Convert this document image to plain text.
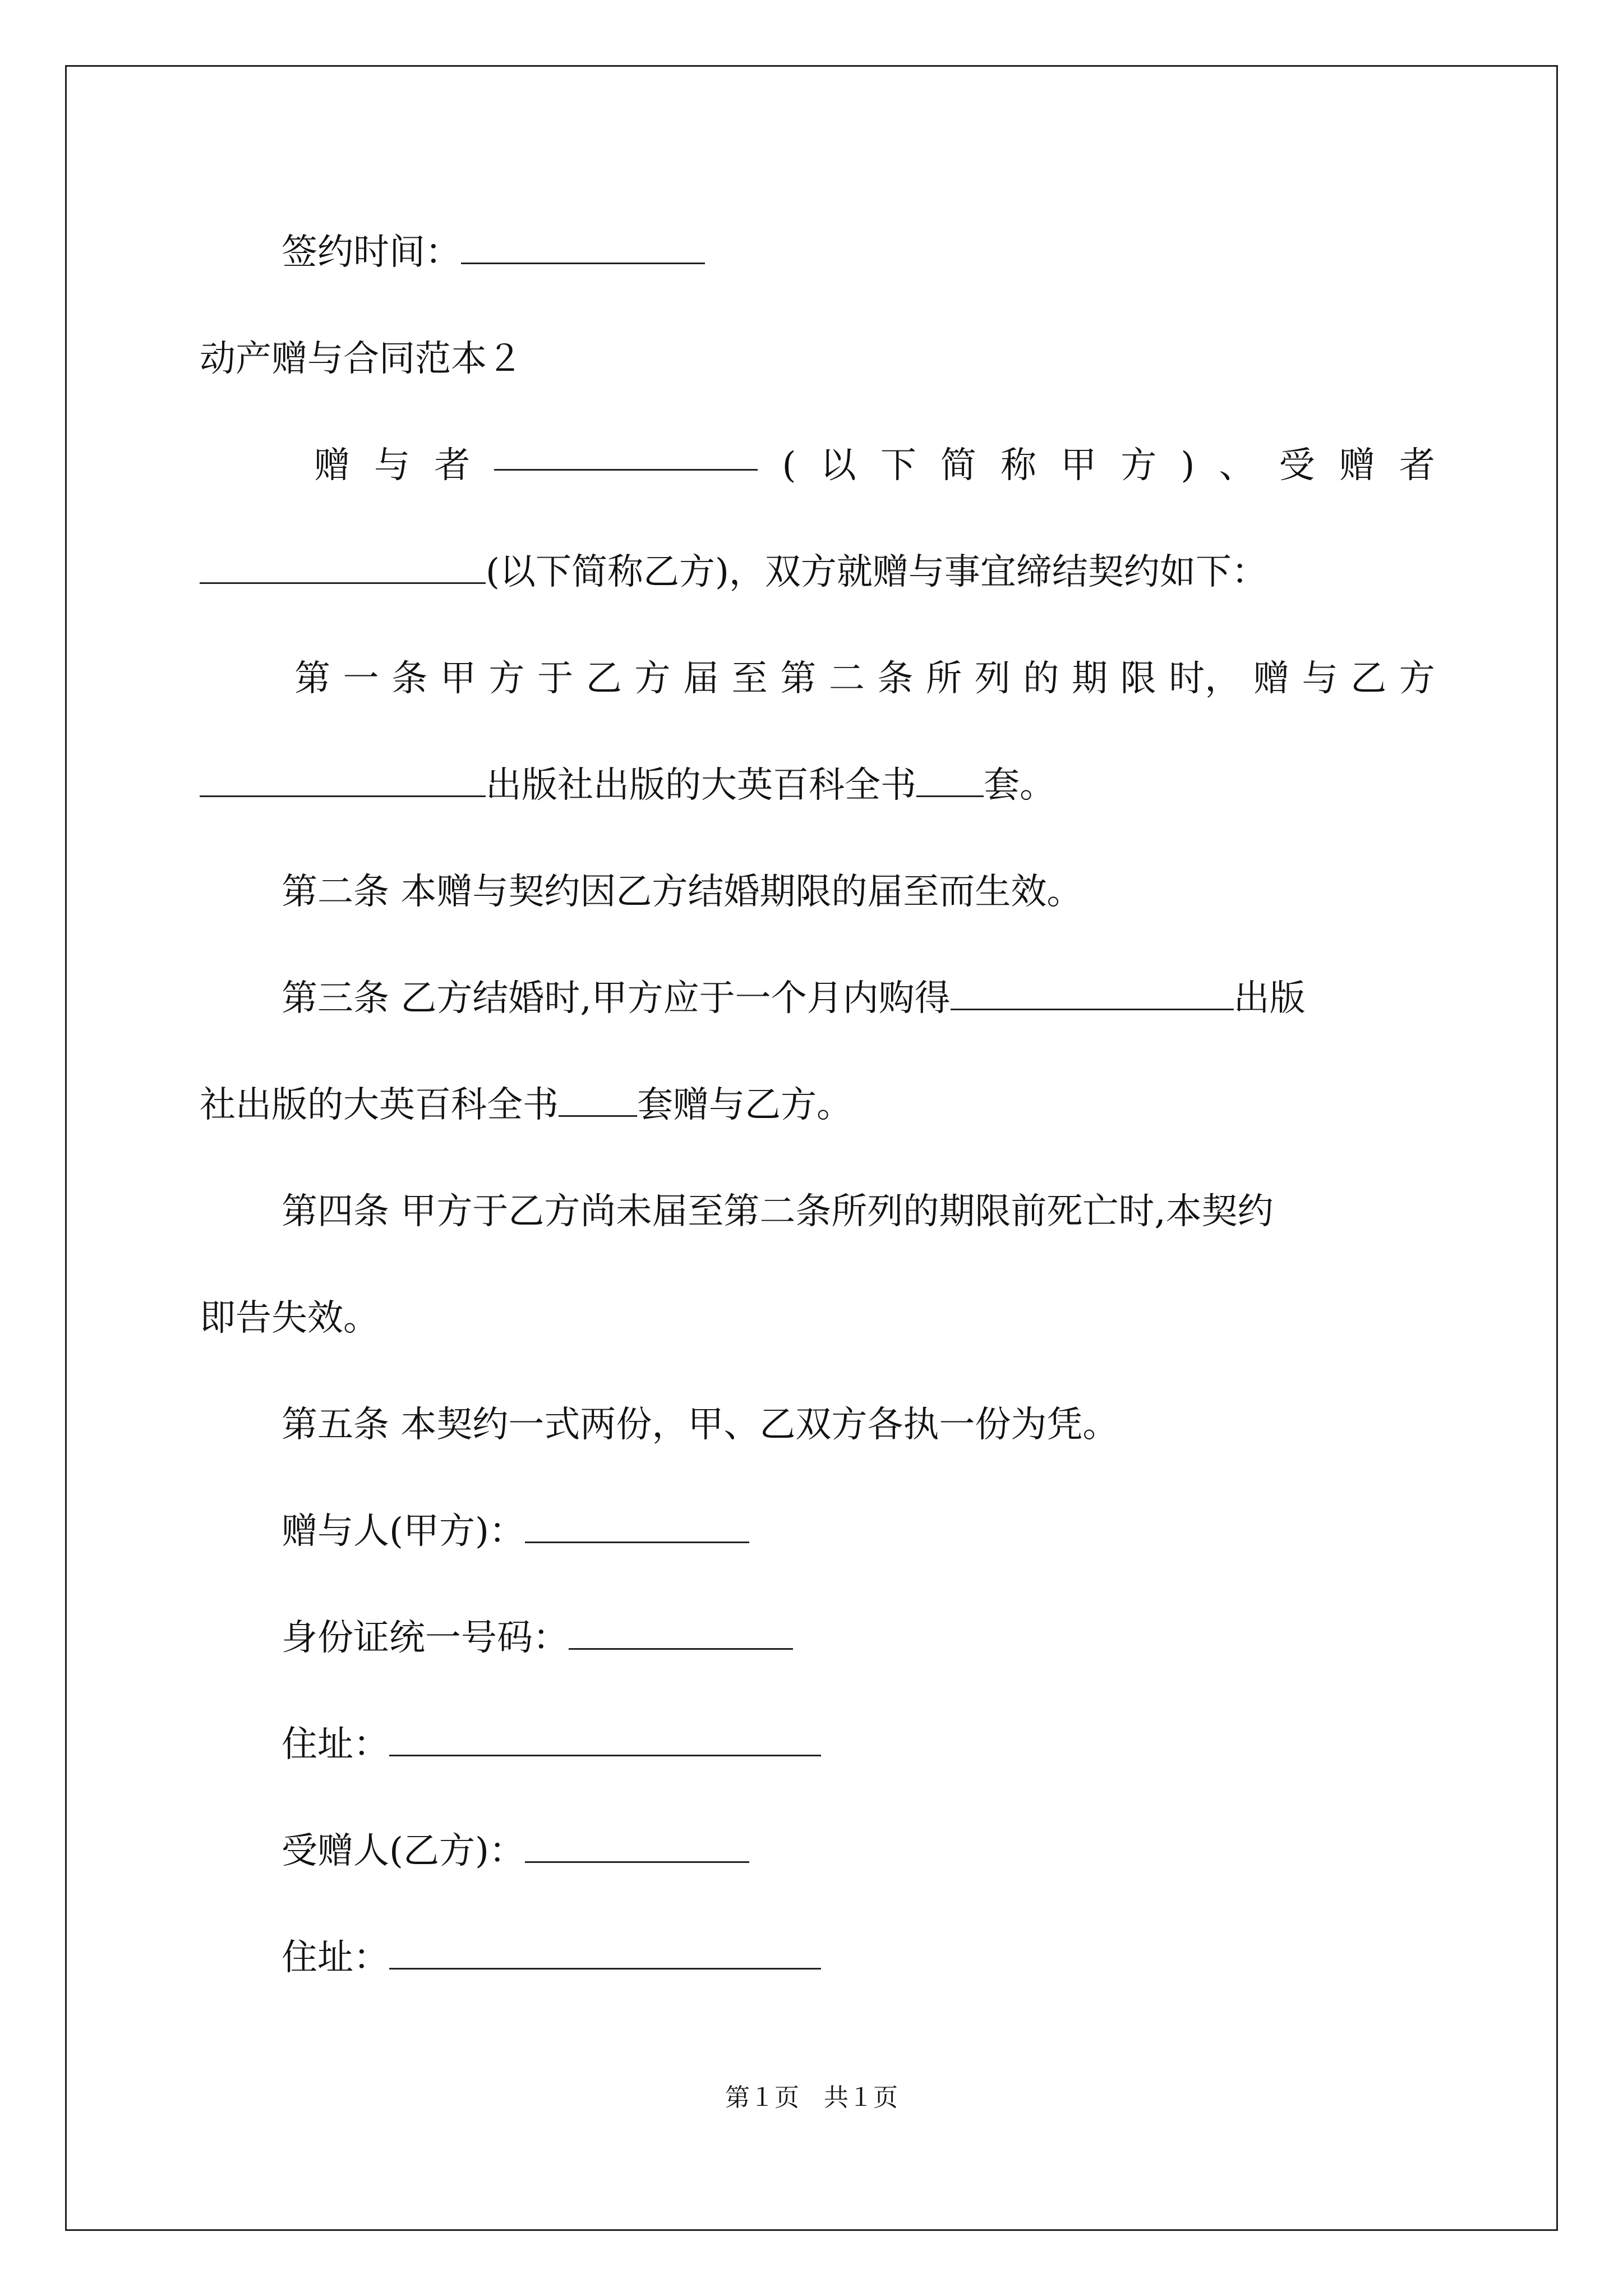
签约时间：
动产赠与合同范本２
赠 与 者	( 以 下 简 称 甲 方 ) 、 受 赠 者
(以下简称乙方)，双方就赠与事宜缔结契约如下：
第 一 条 甲 方 于 乙 方 届 至 第 二 条 所 列 的 期 限 时， 赠 与 乙 方
出版社出版的大英百科全书 套。
第二条 本赠与契约因乙方结婚期限的届至而生效。
第三条 乙方结婚时,甲方应于一个月内购得	出版
社出版的大英百科全书 套赠与乙方。
第四条 甲方于乙方尚未届至第二条所列的期限前死亡时,本契约
即告失效。
第五条 本契约一式两份，甲、乙双方各执一份为凭。
赠与人(甲方)：
身份证统一号码：
住址：
受赠人(乙方)：
住址：
第１页　共１页
